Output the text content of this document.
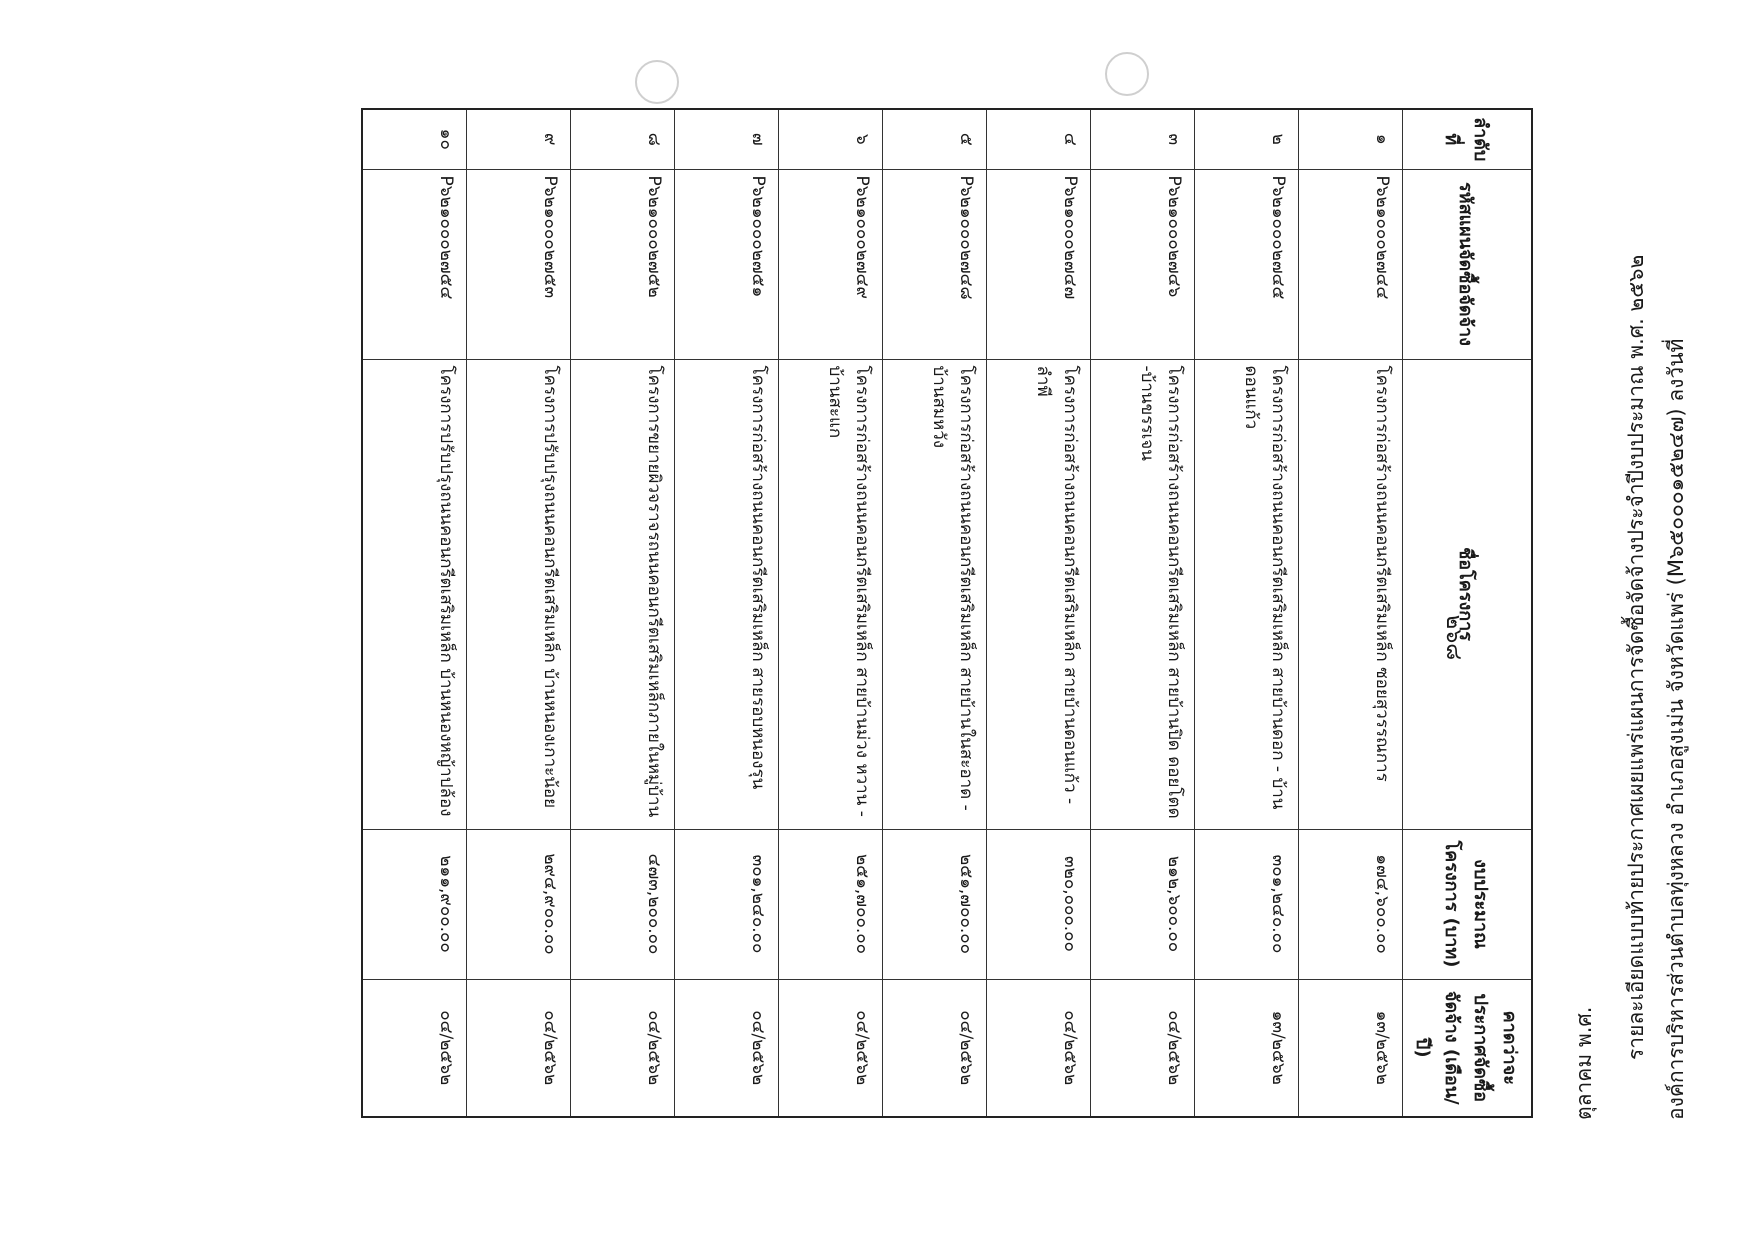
รายละเอียดแบบท้ายประกาศเผยแพร่แผนการจัดซื้อจัดจ้างประจำปีงบประมาณ พ.ศ. ๒๕๖๒ องค์การบริหารส่วนตำบลทุ่งหลวง อำเภอสูงเม่น จังหวัดแพร่ (M๖๕๐๐๐๑๕๒๔๗) ลงวันที่
ตุลาคม พ.ศ.
๒๖๘
ลำดับที่	รหัสแผนจัดซื้อจัดจ้าง	ชื่อโครงการ	งบประมาณโครงการ (บาท)	คาดว่าจะประกาศจัดซื้อจัดจ้าง (เดือน/ปี)
๑	P๖๒๑๐๐๐๒๗๔๔	โครงการก่อสร้างถนนคอนกรีตเสริมเหล็ก ซอยสุวรรณการ	๑๗๔,๖๐๐.๐๐	๑๓/๒๕๖๒
๒	P๖๒๑๐๐๐๒๗๔๕	โครงการก่อสร้างถนนคอนกรีตเสริมเหล็ก สายบ้านดอก - บ้านดอนแก้ว	๓๐๑,๒๔๐.๐๐	๑๓/๒๕๖๒
๓	P๖๒๑๐๐๐๒๗๔๖	โครงการก่อสร้างถนนคอนกรีตเสริมเหล็ก สายบ้านปิด ดอยโตด -บ้านขรรเจน	๒๑๒,๖๐๐.๐๐	๐๔/๒๕๖๒
๔	P๖๒๑๐๐๐๒๗๔๗	โครงการก่อสร้างถนนคอนกรีตเสริมเหล็ก สายบ้านดอนแก้ว - ลำพี	๓๒๐,๐๐๐.๐๐	๐๔/๒๕๖๒
๕	P๖๒๑๐๐๐๒๗๔๘	โครงการก่อสร้างถนนคอนกรีตเสริมเหล็ก สายบ้านในสะอาด - บ้านสมหวัง	๒๕๑,๗๐๐.๐๐	๐๔/๒๕๖๒
๖	P๖๒๑๐๐๐๒๗๔๙	โครงการก่อสร้างถนนคอนกรีตเสริมเหล็ก สายบ้านม่วง หวาน - บ้านสะแก	๒๕๑,๗๐๐.๐๐	๐๔/๒๕๖๒
๗	P๖๒๑๐๐๐๒๗๕๑	โครงการก่อสร้างถนนคอนกรีตเสริมเหล็ก สายรอบหนองรุน	๓๐๑,๒๔๐.๐๐	๐๔/๒๕๖๒
๘	P๖๒๑๐๐๐๒๗๕๒	โครงการขยายผิวจราจรถนนคอนกรีตเสริมเหล็กภายในหมู่บ้าน	๔๗๓,๒๐๐.๐๐	๐๔/๒๕๖๒
๙	P๖๒๑๐๐๐๒๗๕๓	โครงการปรับปรุงถนนคอนกรีตเสริมเหล็ก บ้านหนองเกาะน้อย	๒๙๔,๙๐๐.๐๐	๐๔/๒๕๖๒
๑๐	P๖๒๑๐๐๐๒๗๕๔	โครงการปรับปรุงถนนคอนกรีตเสริมเหล็ก บ้านหนองหญ้าปล้อง	๒๑๑,๙๐๐.๐๐	๐๔/๒๕๖๒
